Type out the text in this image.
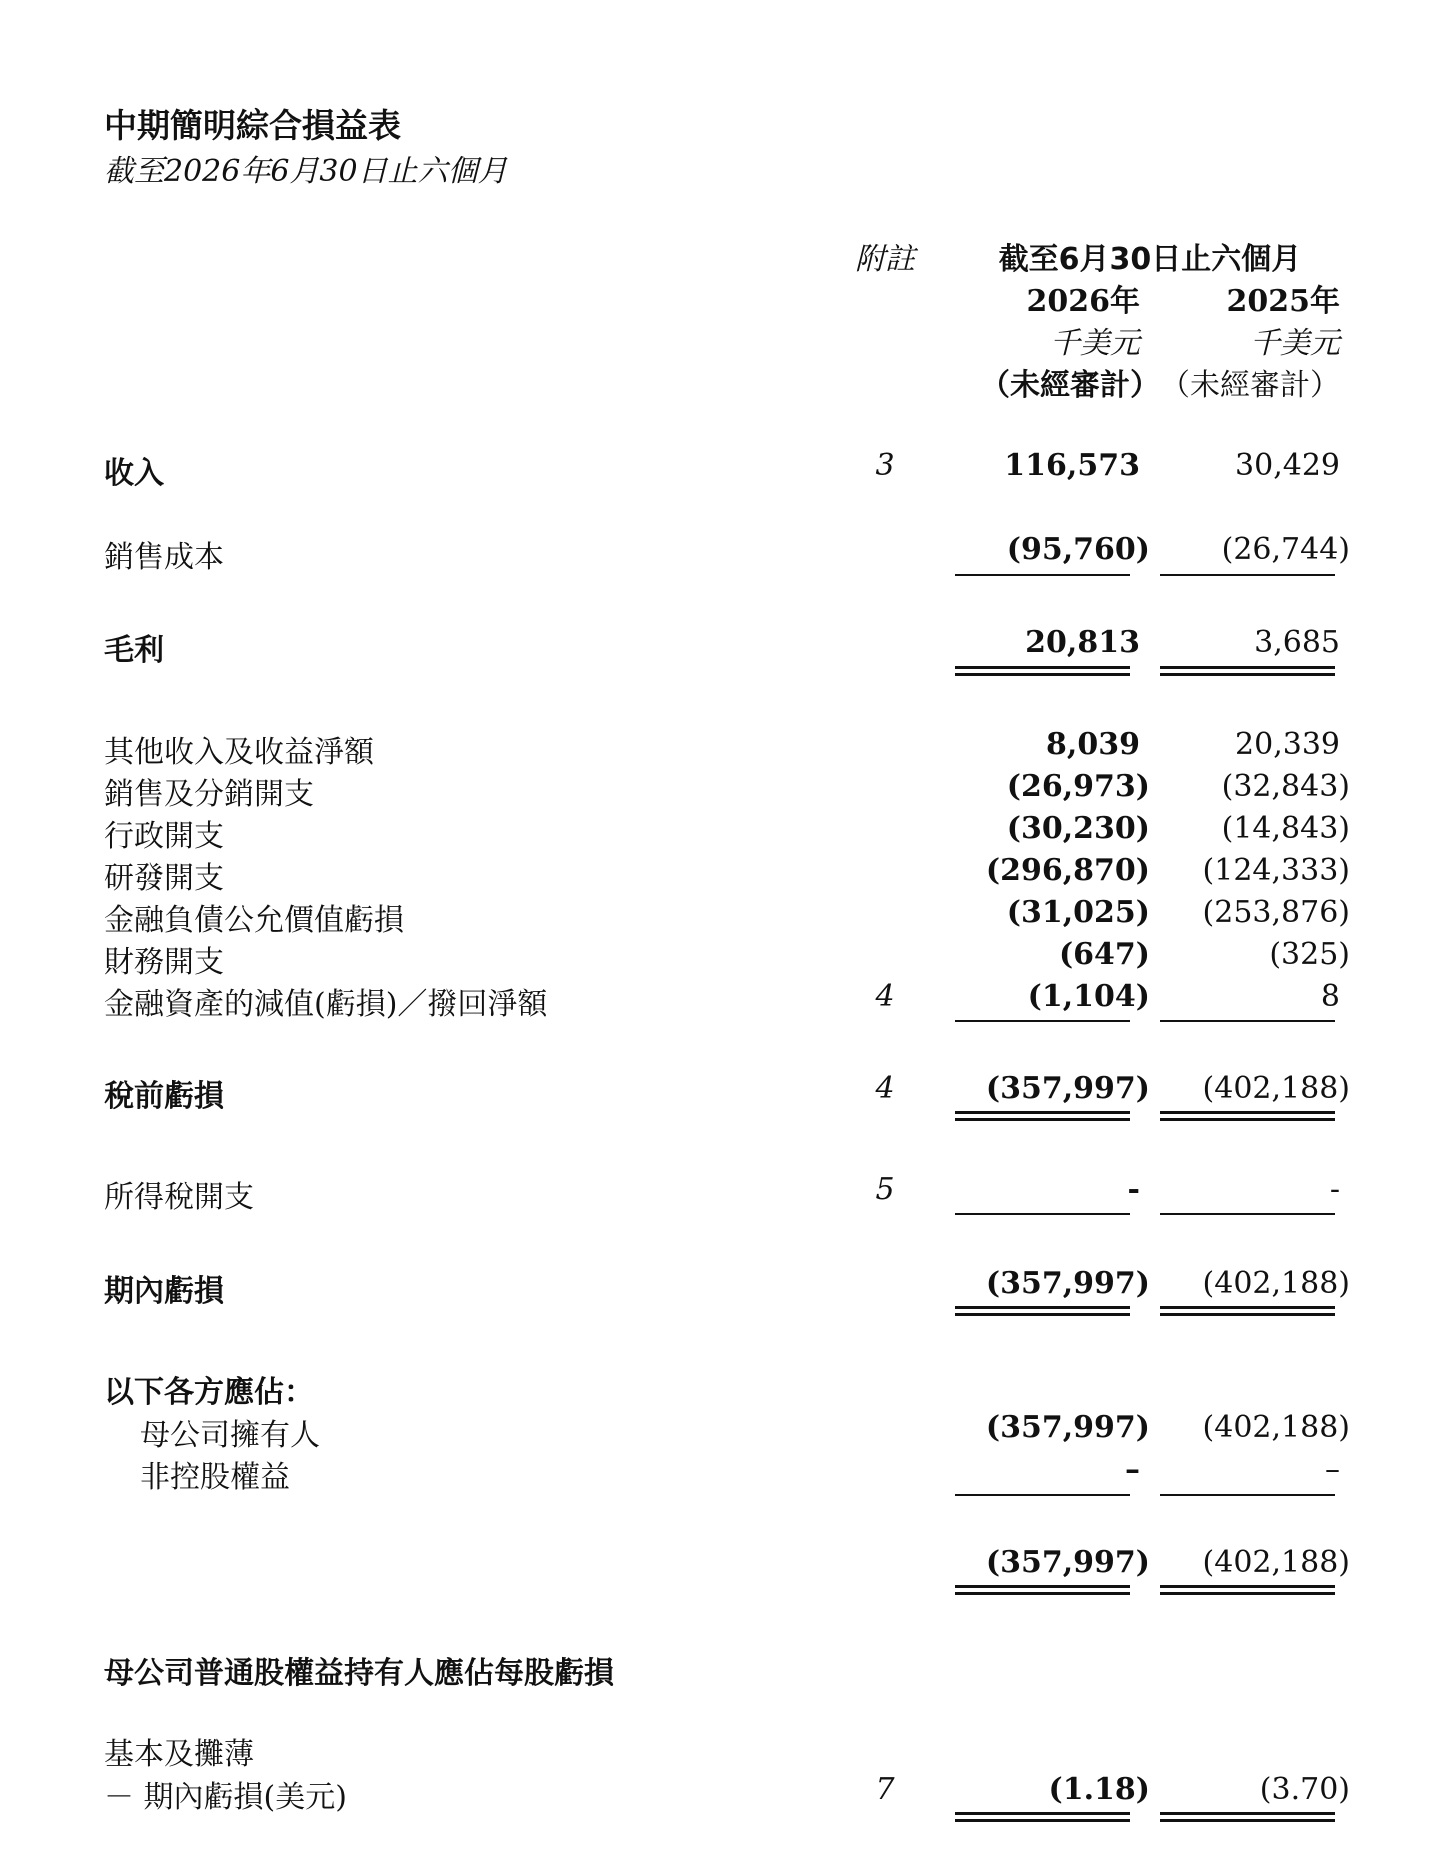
中期簡明綜合損益表
截至2026年6月30日止六個月
附註	截至6月30日止六個月
2026年	2025年
千美元	千美元
（未經審計） （未經審計）
收入	3	116,573	30,429
銷售成本	(95,760)	(26,744)
毛利	20,813	3,685
其他收入及收益淨額	8,039	20,339
銷售及分銷開支	(26,973)	(32,843)
行政開支	(30,230)	(14,843)
研發開支	(296,870)	(124,333)
金融負債公允價值虧損	(31,025)	(253,876)
財務開支	(647)	(325)
金融資產的減值(虧損)／撥回淨額	4	(1,104)	8
稅前虧損	4	(357,997)	(402,188)
所得稅開支	5	-	-
期內虧損	(357,997)	(402,188)
以下各方應佔：
母公司擁有人	(357,997)	(402,188)
非控股權益	–	–
(357,997)	(402,188)
母公司普通股權益持有人應佔每股虧損
基本及攤薄
－ 期內虧損(美元)	7	(1.18)	(3.70)
